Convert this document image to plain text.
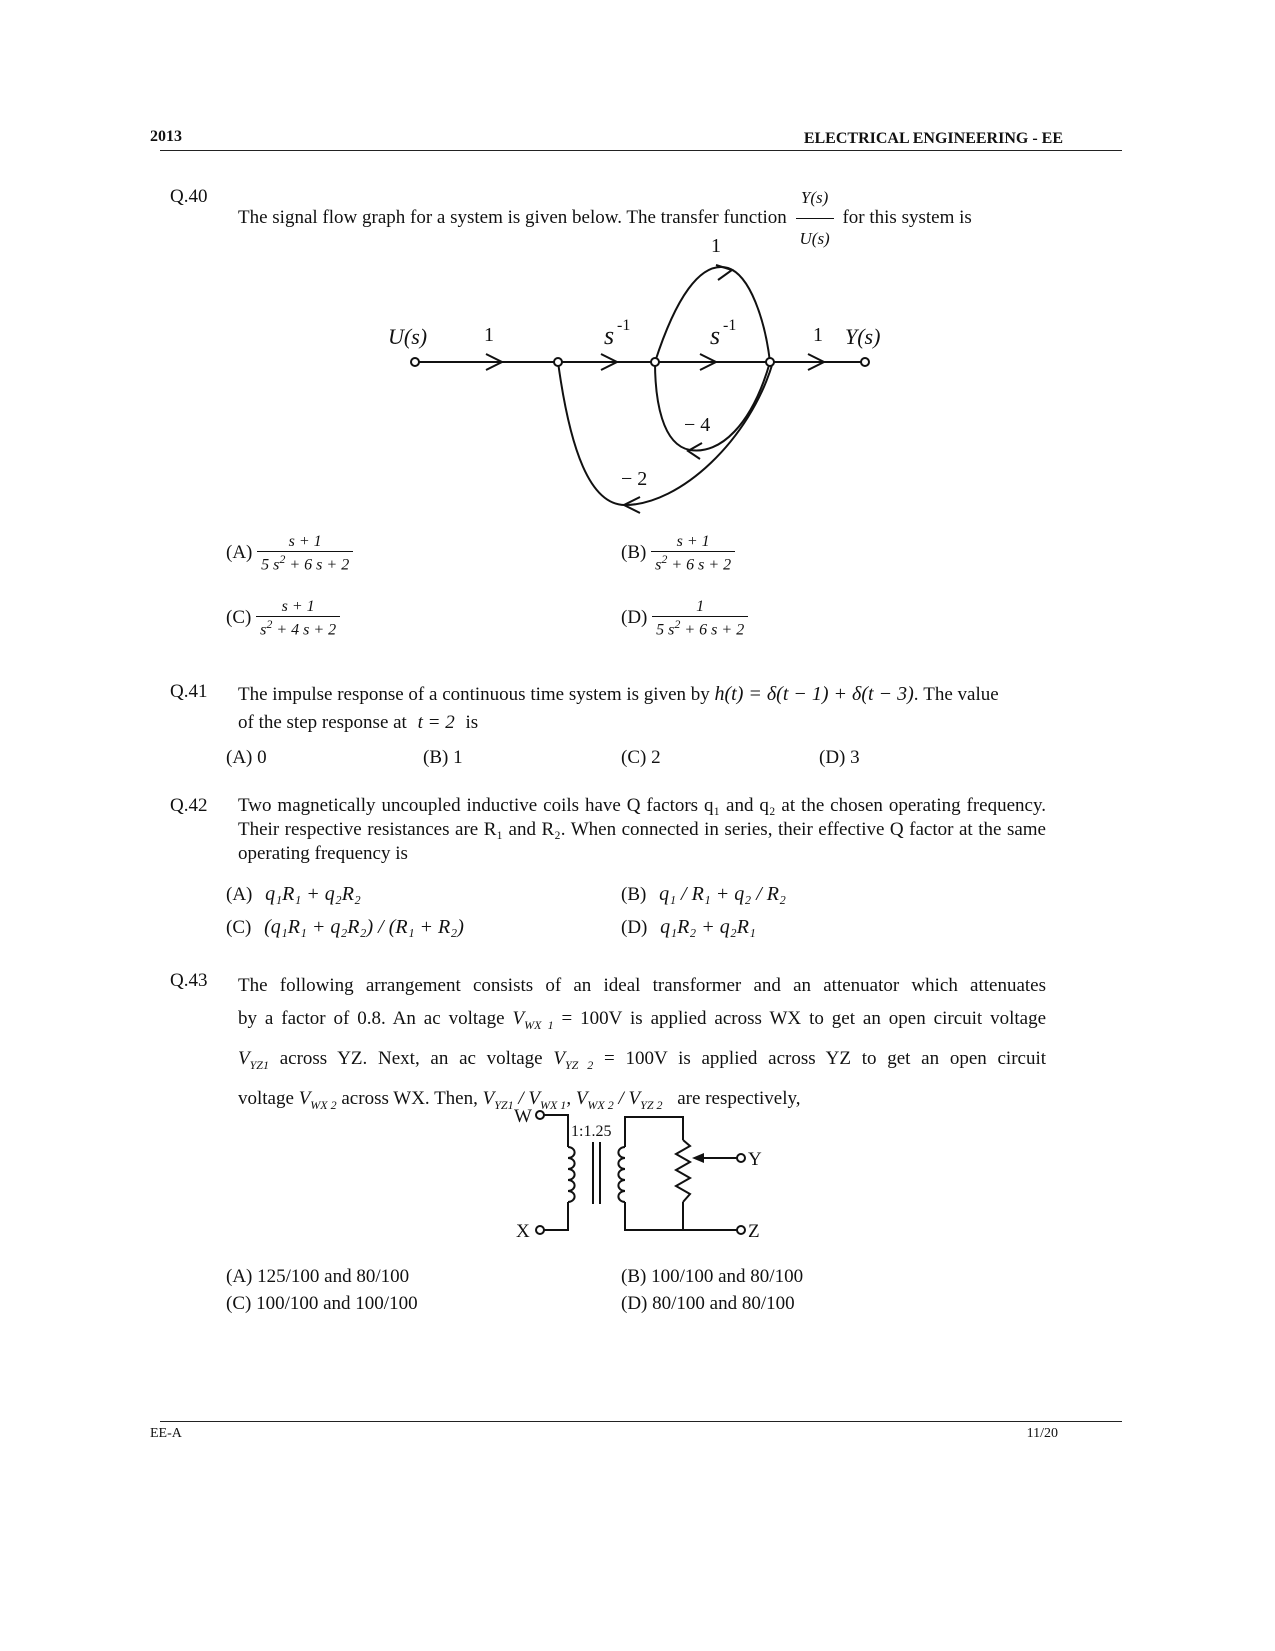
2013	ELECTRICAL ENGINEERING - EE
Q.40
The signal flow graph for a system is given below. The transfer function $\frac{Y(s)}{U(s)}$ for this system is
U(s)	Y(s)
1	s -1	s -1	1
1
− 4
− 2
$(A) \frac{s + 1}{5 s^2 + 6 s + 2}$	$(B) \frac{s + 1}{s^2 + 6 s + 2}$
$(C) \frac{s + 1}{s^2 + 4 s + 2}$	$(D) \frac{1}{5 s^2 + 6 s + 2}$
Q.41 The impulse response of a continuous time system is given by h(t) = δ(t − 1) + δ(t − 3). The value
of the step response at t = 2 is
(A) 0	(B) 1	(C) 2	(D) 3
Q.42 Two magnetically uncoupled inductive coils have Q factors q₁ and q₂ at the chosen operating frequency. Their respective resistances are R₁ and R₂. When connected in series, their effective Q factor at the same operating frequency is
(A) q₁R₁ + q₂R₂	(B) q₁ / R₁ + q₂ / R₂
(C) (q₁R₁ + q₂R₂) / (R₁ + R₂)	(D) q₁R₂ + q₂R₁
Q.43 The following arrangement consists of an ideal transformer and an attenuator which attenuates
by a factor of 0.8. An ac voltage $V_{WX 1} = 100V$ is applied across WX to get an open circuit voltage
$V_{YZ1}$ across YZ. Next, an ac voltage $V_{YZ 2} = 100V$ is applied across YZ to get an open circuit
voltage $V_{WX 2}$ across WX. Then, $V_{YZ1} / V_{WX 1}$, $V_{WX 2} / V_{YZ 2}$ are respectively,
W
X
Y
Z
1:1.25
(A) 125/100 and 80/100	(B) 100/100 and 80/100
(C) 100/100 and 100/100	(D) 80/100 and 80/100
EE-A	11/20
